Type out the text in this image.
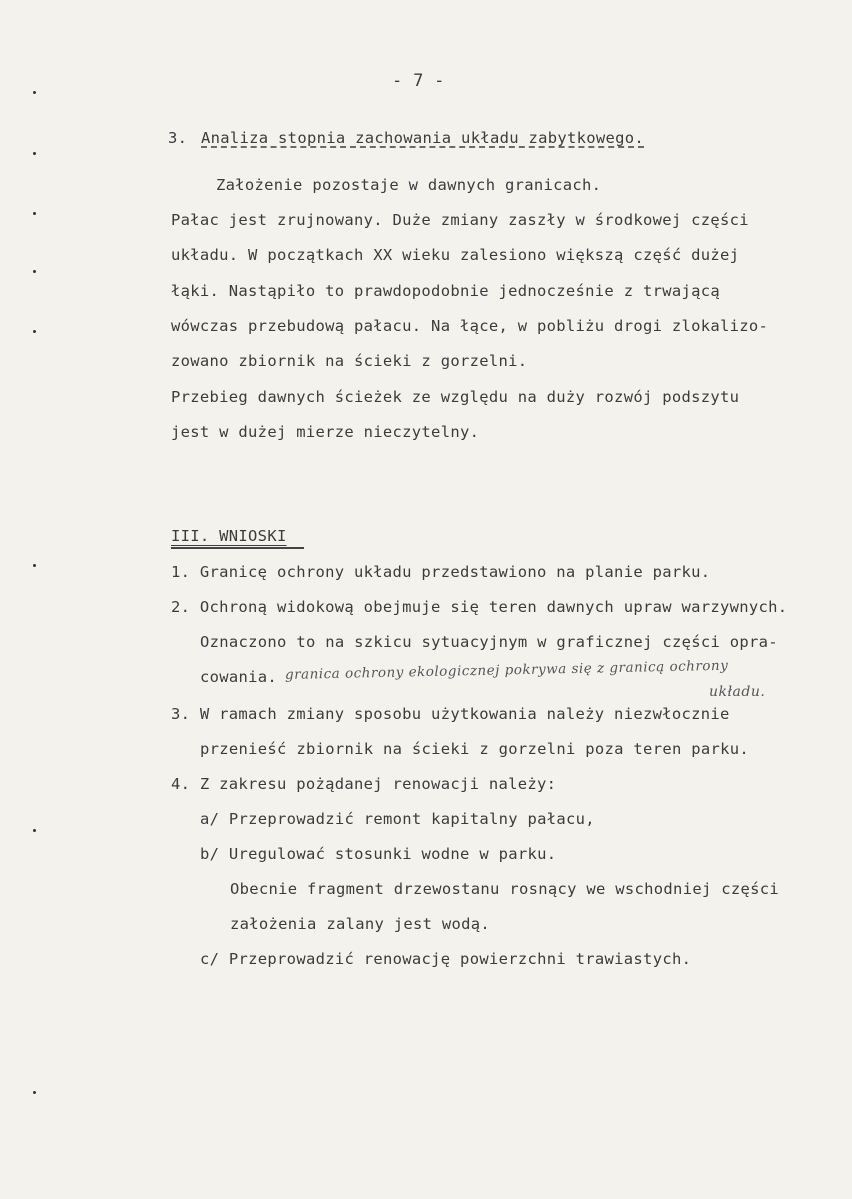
- 7 -
3. Analiza stopnia zachowania układu zabytkowego.
Założenie pozostaje w dawnych granicach.
Pałac jest zrujnowany. Duże zmiany zaszły w środkowej części
układu. W początkach XX wieku zalesiono większą część dużej
łąki. Nastąpiło to prawdopodobnie jednocześnie z trwającą
wówczas przebudową pałacu. Na łące, w pobliżu drogi zlokalizo-
zowano zbiornik na ścieki z gorzelni.
Przebieg dawnych ścieżek ze względu na duży rozwój podszytu
jest w dużej mierze nieczytelny.
III. WNIOSKI
1. Granicę ochrony układu przedstawiono na planie parku.
2. Ochroną widokową obejmuje się teren dawnych upraw warzywnych.
Oznaczono to na szkicu sytuacyjnym w graficznej części opra-
cowania. granica ochrony ekologicznej pokrywa się z granicą ochrony
układu.
3. W ramach zmiany sposobu użytkowania należy niezwłocznie
przenieść zbiornik na ścieki z gorzelni poza teren parku.
4. Z zakresu pożądanej renowacji należy:
a/ Przeprowadzić remont kapitalny pałacu,
b/ Uregulować stosunki wodne w parku.
Obecnie fragment drzewostanu rosnący we wschodniej części
założenia zalany jest wodą.
c/ Przeprowadzić renowację powierzchni trawiastych.
